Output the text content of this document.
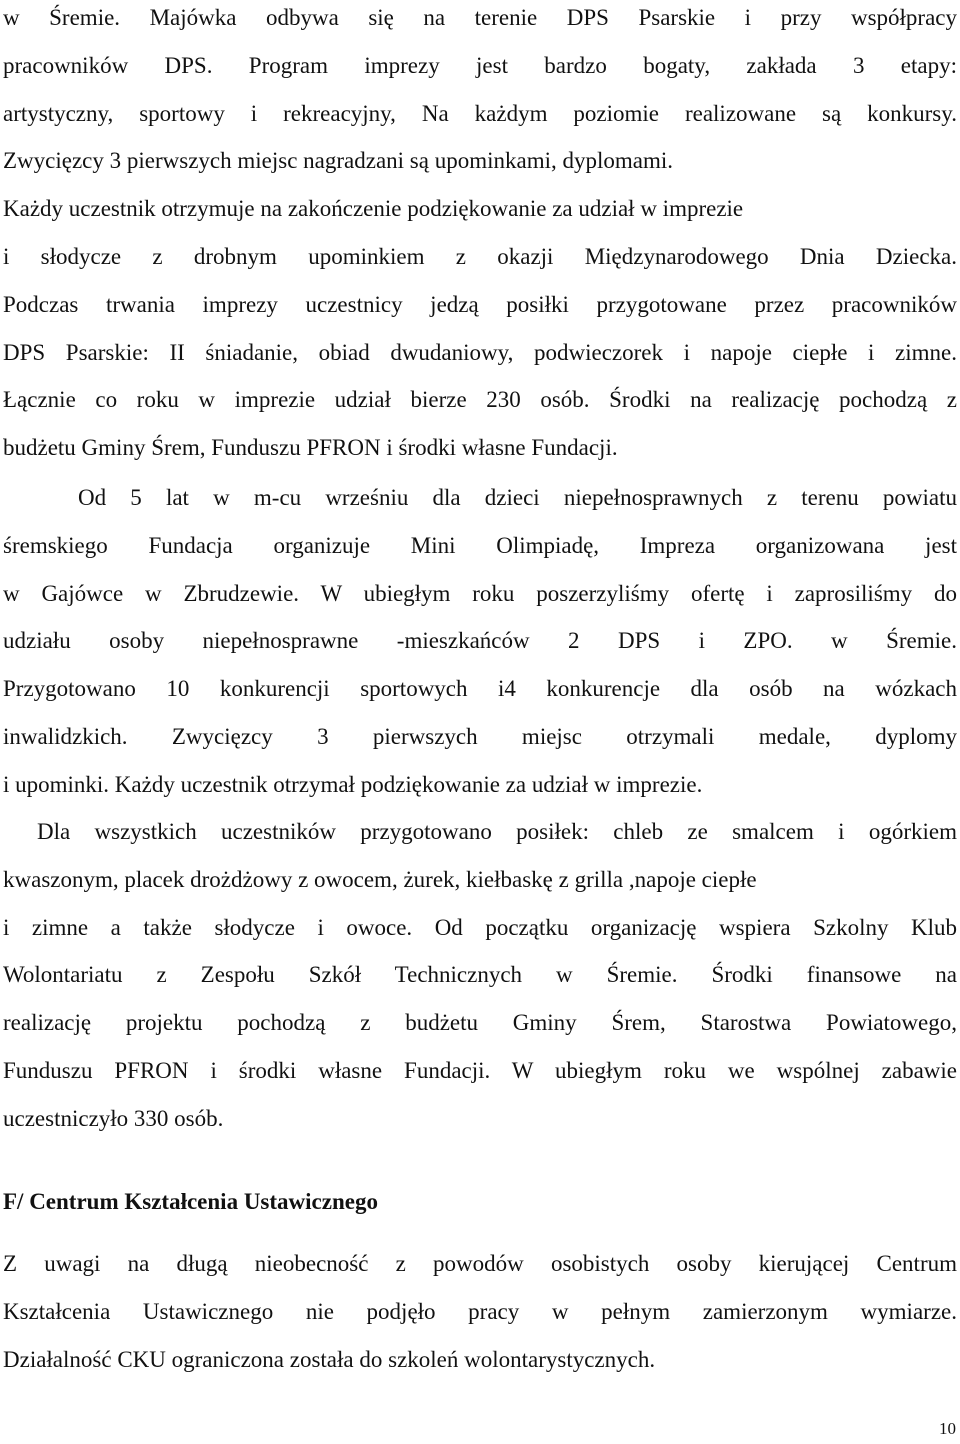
w Śremie. Majówka odbywa się na terenie DPS Psarskie i przy współpracy
pracowników DPS. Program imprezy jest bardzo bogaty, zakłada 3 etapy:
artystyczny, sportowy i rekreacyjny, Na każdym poziomie realizowane są konkursy.
Zwycięzcy 3 pierwszych miejsc nagradzani są upominkami, dyplomami.
Każdy uczestnik otrzymuje na zakończenie podziękowanie za udział w imprezie
i słodycze z drobnym upominkiem z okazji Międzynarodowego Dnia Dziecka.
Podczas trwania imprezy uczestnicy jedzą posiłki przygotowane przez pracowników
DPS Psarskie: II śniadanie, obiad dwudaniowy, podwieczorek i napoje ciepłe i zimne.
Łącznie co roku w imprezie udział bierze 230 osób. Środki na realizację pochodzą z
budżetu Gminy Śrem, Funduszu PFRON i środki własne Fundacji.
Od 5 lat w m-cu wrześniu dla dzieci niepełnosprawnych z terenu powiatu
śremskiego Fundacja organizuje Mini Olimpiadę, Impreza organizowana jest
w Gajówce w Zbrudzewie. W ubiegłym roku poszerzyliśmy ofertę i zaprosiliśmy do
udziału osoby niepełnosprawne -mieszkańców 2 DPS i ZPO. w Śremie.
Przygotowano 10 konkurencji sportowych i4 konkurencje dla osób na wózkach
inwalidzkich. Zwycięzcy 3 pierwszych miejsc otrzymali medale, dyplomy
i upominki. Każdy uczestnik otrzymał podziękowanie za udział w imprezie.
Dla wszystkich uczestników przygotowano posiłek: chleb ze smalcem i ogórkiem
kwaszonym, placek drożdżowy z owocem, żurek, kiełbaskę z grilla ,napoje ciepłe
i zimne a także słodycze i owoce. Od początku organizację wspiera Szkolny Klub
Wolontariatu z Zespołu Szkół Technicznych w Śremie. Środki finansowe na
realizację projektu pochodzą z budżetu Gminy Śrem, Starostwa Powiatowego,
Funduszu PFRON i środki własne Fundacji. W ubiegłym roku we wspólnej zabawie
uczestniczyło 330 osób.
F/ Centrum Kształcenia Ustawicznego
Z uwagi na długą nieobecność z powodów osobistych osoby kierującej Centrum
Kształcenia Ustawicznego nie podjęło pracy w pełnym zamierzonym wymiarze.
Działalność CKU ograniczona została do szkoleń wolontarystycznych.
10
